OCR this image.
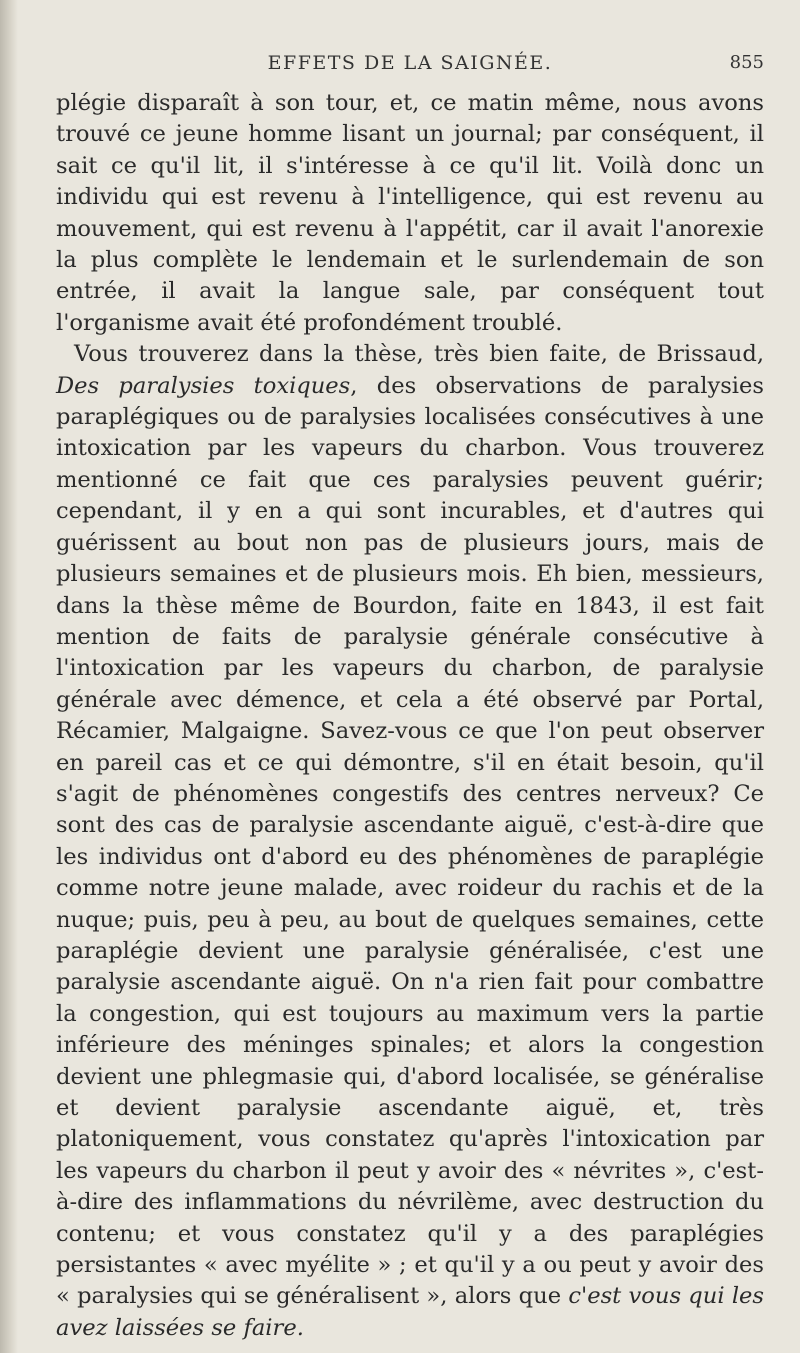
EFFETS DE LA SAIGNÉE.	855

plégie disparaît à son tour, et, ce matin même, nous avons trouvé ce jeune homme lisant un journal; par conséquent, il sait ce qu'il lit, il s'intéresse à ce qu'il lit. Voilà donc un individu qui est revenu à l'intelligence, qui est revenu au mouvement, qui est revenu à l'appétit, car il avait l'anorexie la plus complète le lendemain et le surlendemain de son entrée, il avait la langue sale, par conséquent tout l'organisme avait été profondément troublé.

Vous trouverez dans la thèse, très bien faite, de Brissaud, Des paralysies toxiques, des observations de paralysies paraplégiques ou de paralysies localisées consécutives à une intoxication par les vapeurs du charbon. Vous trouverez mentionné ce fait que ces paralysies peuvent guérir; cependant, il y en a qui sont incurables, et d'autres qui guérissent au bout non pas de plusieurs jours, mais de plusieurs semaines et de plusieurs mois. Eh bien, messieurs, dans la thèse même de Bourdon, faite en 1843, il est fait mention de faits de paralysie générale consécutive à l'intoxication par les vapeurs du charbon, de paralysie générale avec démence, et cela a été observé par Portal, Récamier, Malgaigne. Savez-vous ce que l'on peut observer en pareil cas et ce qui démontre, s'il en était besoin, qu'il s'agit de phénomènes congestifs des centres nerveux? Ce sont des cas de paralysie ascendante aiguë, c'est-à-dire que les individus ont d'abord eu des phénomènes de paraplégie comme notre jeune malade, avec roideur du rachis et de la nuque; puis, peu à peu, au bout de quelques semaines, cette paraplégie devient une paralysie généralisée, c'est une paralysie ascendante aiguë. On n'a rien fait pour combattre la congestion, qui est toujours au maximum vers la partie inférieure des méninges spinales; et alors la congestion devient une phlegmasie qui, d'abord localisée, se généralise et devient paralysie ascendante aiguë, et, très platoniquement, vous constatez qu'après l'intoxication par les vapeurs du charbon il peut y avoir des « névrites », c'est-à-dire des inflammations du névrilème, avec destruction du contenu; et vous constatez qu'il y a des paraplégies persistantes « avec myélite » ; et qu'il y a ou peut y avoir des « paralysies qui se généralisent », alors que c'est vous qui les avez laissées se faire.
